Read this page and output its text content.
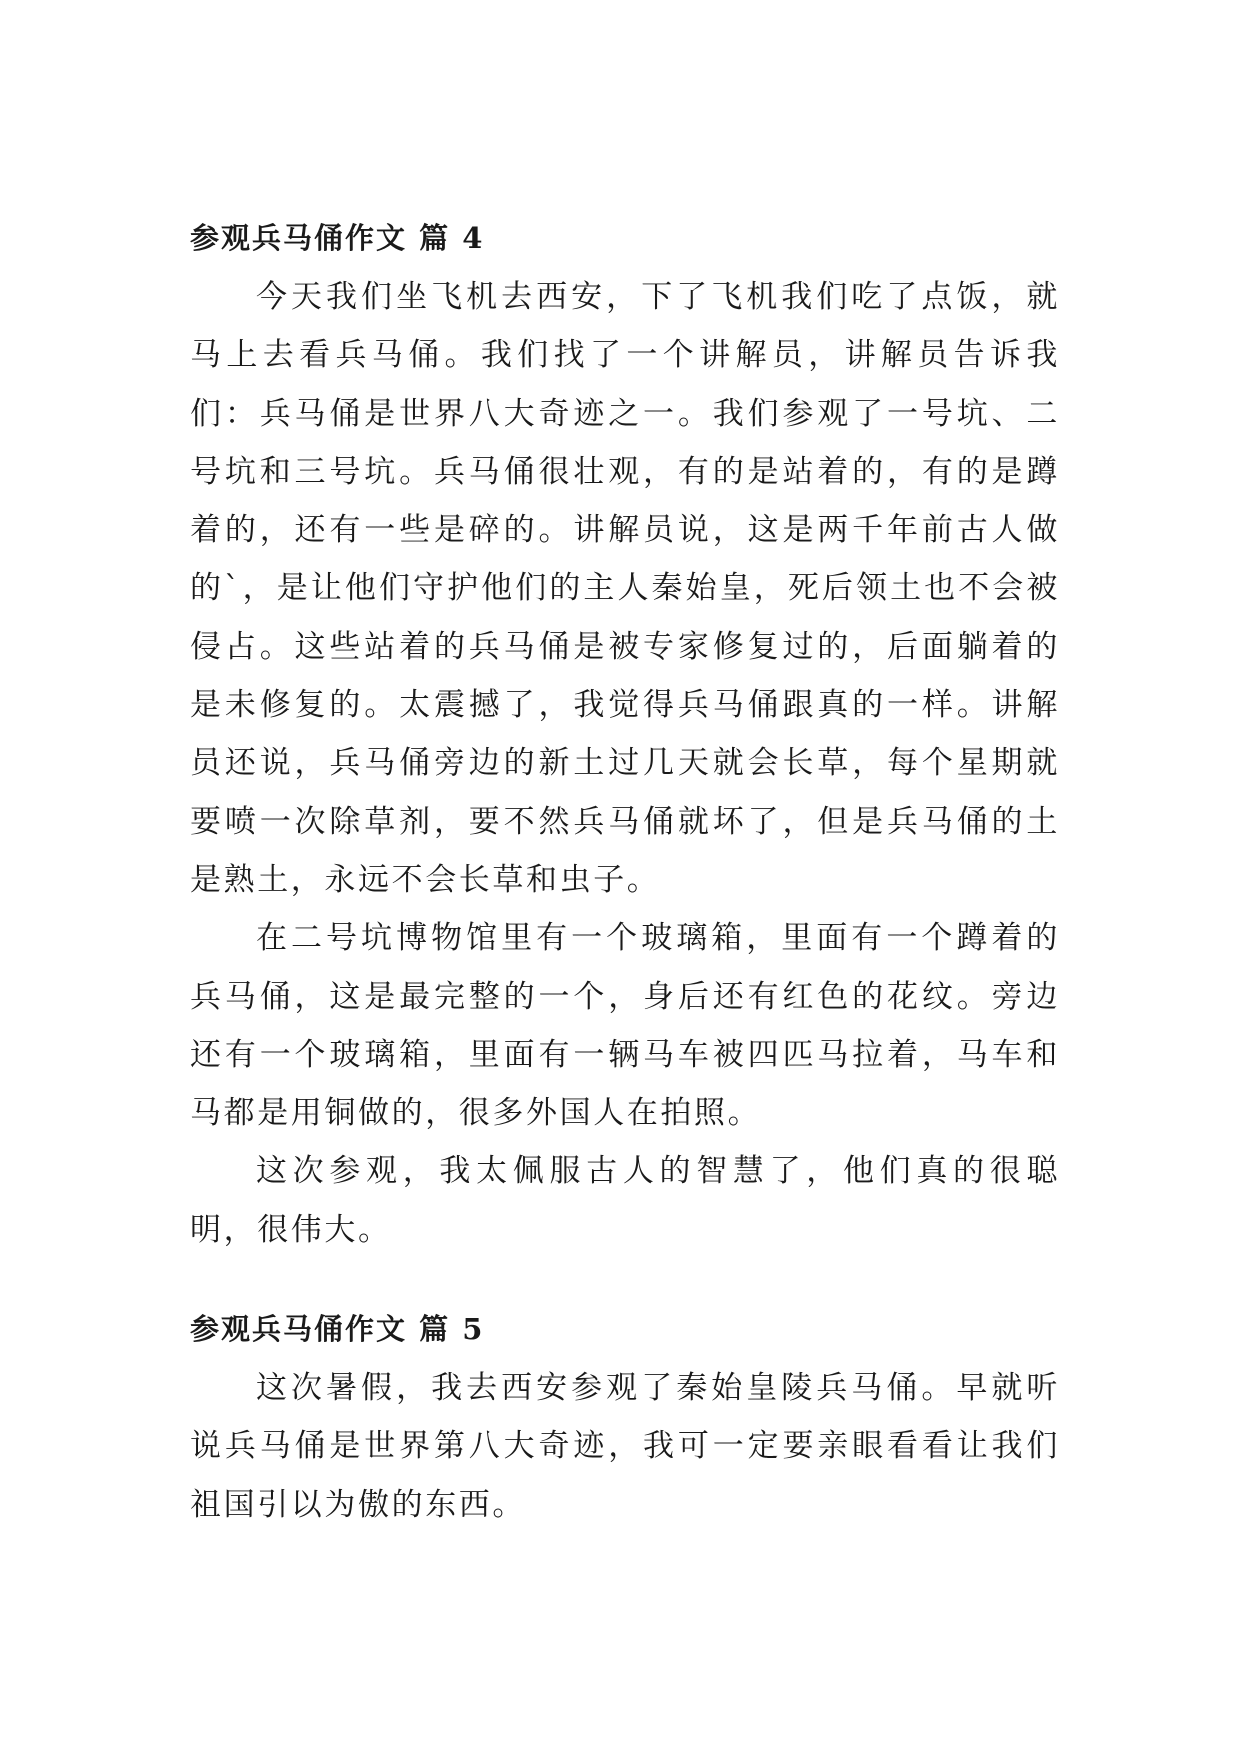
参观兵马俑作文 篇 4

今天我们坐飞机去西安，下了飞机我们吃了点饭，就马上去看兵马俑。我们找了一个讲解员，讲解员告诉我们：兵马俑是世界八大奇迹之一。我们参观了一号坑、二号坑和三号坑。兵马俑很壮观，有的是站着的，有的是蹲着的，还有一些是碎的。讲解员说，这是两千年前古人做的`，是让他们守护他们的主人秦始皇，死后领土也不会被侵占。这些站着的兵马俑是被专家修复过的，后面躺着的是未修复的。太震撼了，我觉得兵马俑跟真的一样。讲解员还说，兵马俑旁边的新土过几天就会长草，每个星期就要喷一次除草剂，要不然兵马俑就坏了，但是兵马俑的土是熟土，永远不会长草和虫子。

在二号坑博物馆里有一个玻璃箱，里面有一个蹲着的兵马俑，这是最完整的一个，身后还有红色的花纹。旁边还有一个玻璃箱，里面有一辆马车被四匹马拉着，马车和马都是用铜做的，很多外国人在拍照。

这次参观，我太佩服古人的智慧了，他们真的很聪明，很伟大。

参观兵马俑作文 篇 5

这次暑假，我去西安参观了秦始皇陵兵马俑。早就听说兵马俑是世界第八大奇迹，我可一定要亲眼看看让我们祖国引以为傲的东西。
